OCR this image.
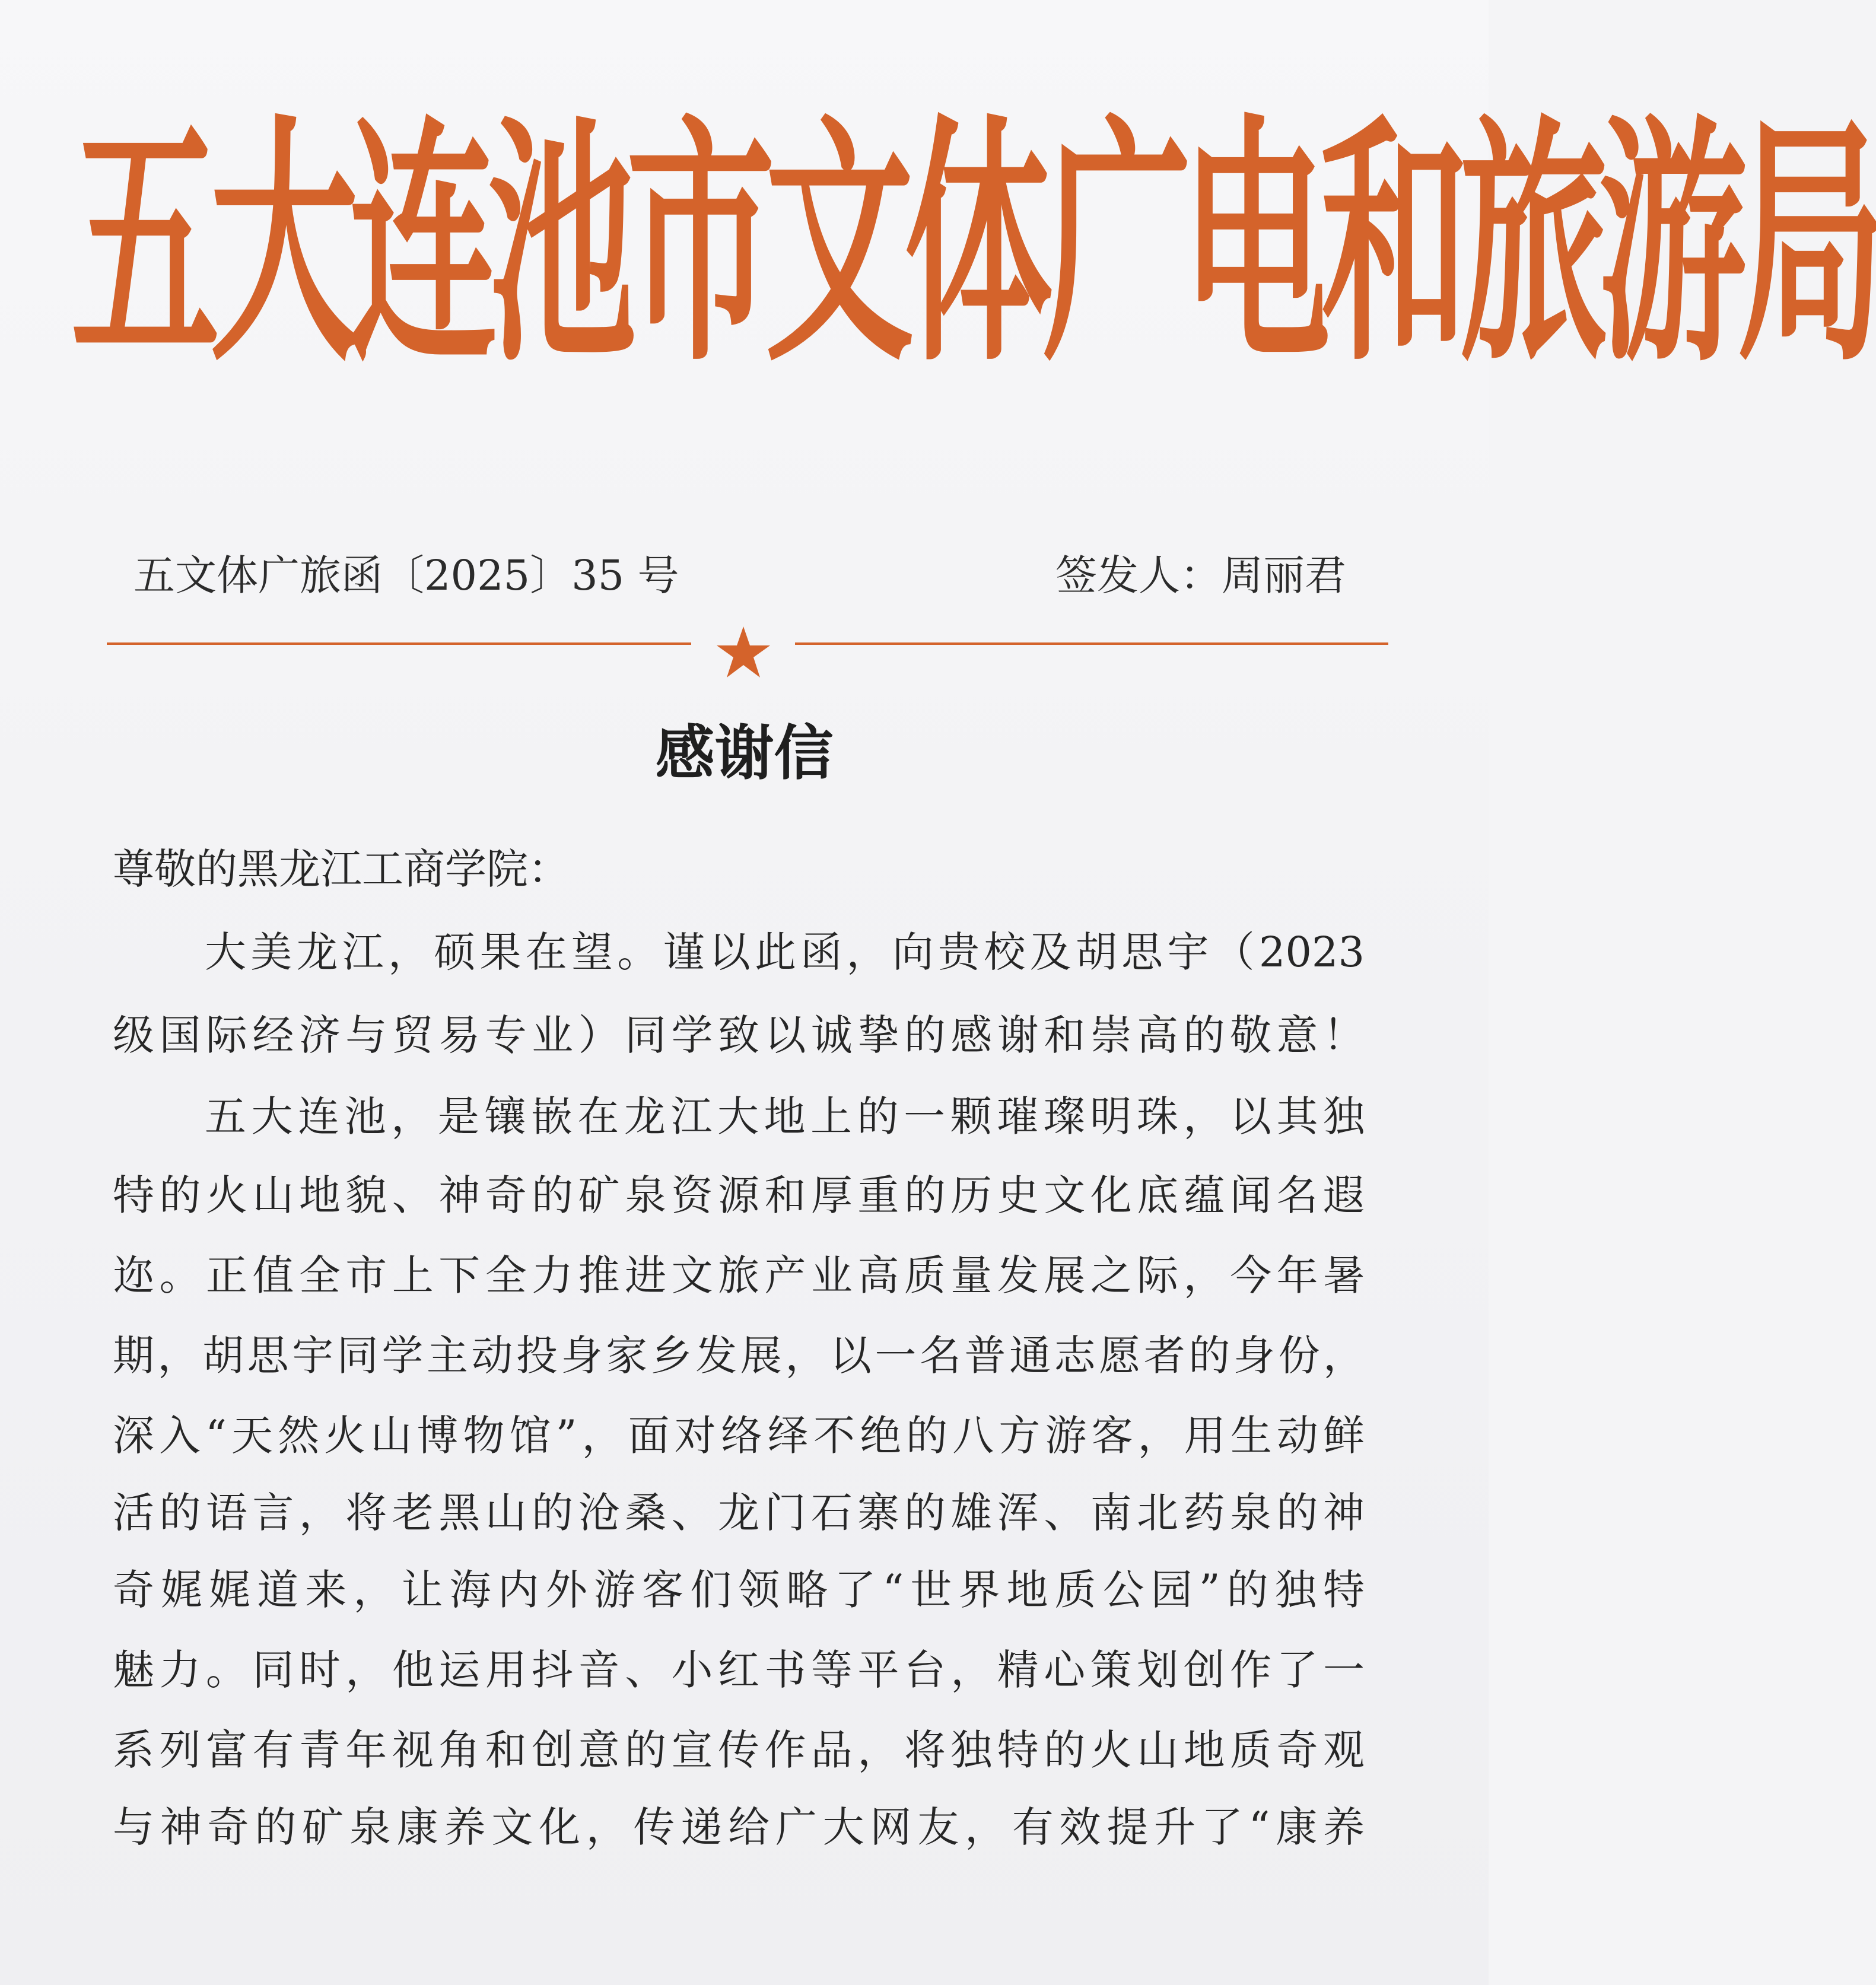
五大连池市文体广电和旅游局
五文体广旅函〔2025〕35 号	签发人：周丽君
感谢信
尊敬的黑龙江工商学院：
大美龙江，硕果在望。谨以此函，向贵校及胡思宇（2023
级国际经济与贸易专业）同学致以诚挚的感谢和崇高的敬意！
五大连池，是镶嵌在龙江大地上的一颗璀璨明珠，以其独
特的火山地貌、神奇的矿泉资源和厚重的历史文化底蕴闻名遐
迩。正值全市上下全力推进文旅产业高质量发展之际，今年暑
期，胡思宇同学主动投身家乡发展，以一名普通志愿者的身份，
深入“天然火山博物馆”，面对络绎不绝的八方游客，用生动鲜
活的语言，将老黑山的沧桑、龙门石寨的雄浑、南北药泉的神
奇娓娓道来，让海内外游客们领略了“世界地质公园”的独特
魅力。同时，他运用抖音、小红书等平台，精心策划创作了一
系列富有青年视角和创意的宣传作品，将独特的火山地质奇观
与神奇的矿泉康养文化，传递给广大网友，有效提升了“康养
